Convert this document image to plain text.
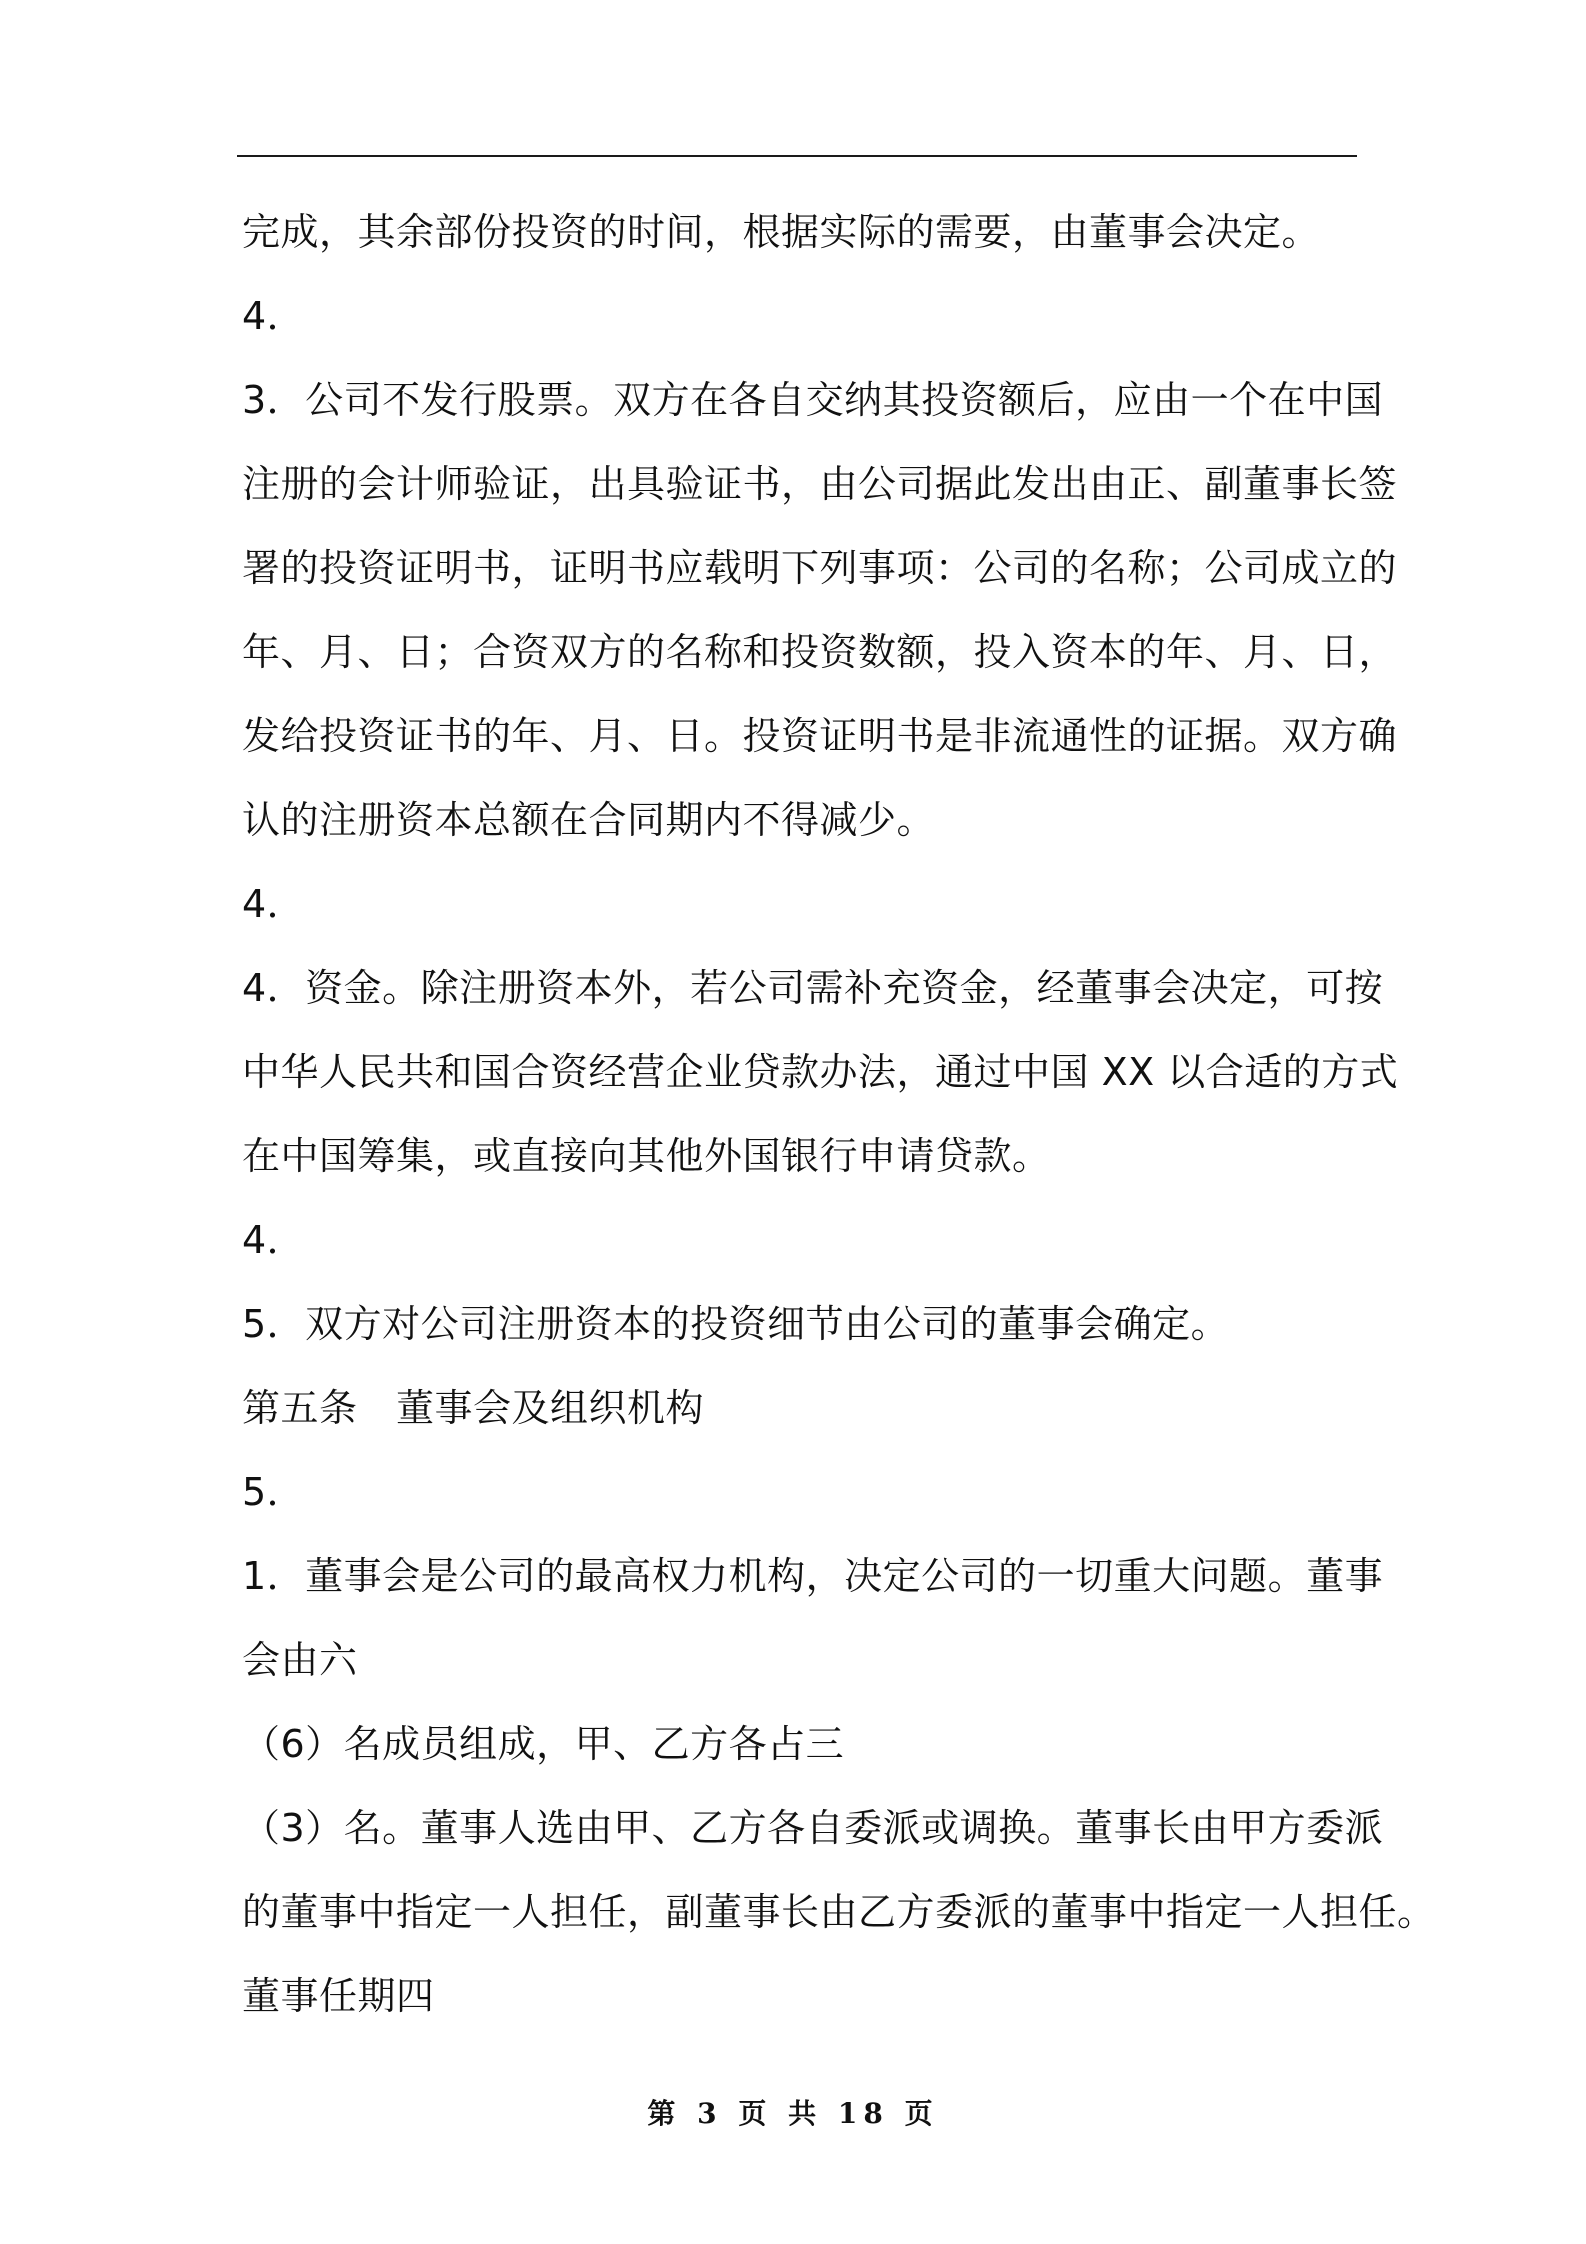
完成，其余部份投资的时间，根据实际的需要，由董事会决定。
4．
3．公司不发行股票。双方在各自交纳其投资额后，应由一个在中国
注册的会计师验证，出具验证书，由公司据此发出由正、副董事长签
署的投资证明书，证明书应载明下列事项：公司的名称；公司成立的
年、月、日；合资双方的名称和投资数额，投入资本的年、月、日，
发给投资证书的年、月、日。投资证明书是非流通性的证据。双方确
认的注册资本总额在合同期内不得减少。
4．
4．资金。除注册资本外，若公司需补充资金，经董事会决定，可按
中华人民共和国合资经营企业贷款办法，通过中国 XX 以合适的方式
在中国筹集，或直接向其他外国银行申请贷款。
4．
5．双方对公司注册资本的投资细节由公司的董事会确定。
第五条　董事会及组织机构
5．
1．董事会是公司的最高权力机构，决定公司的一切重大问题。董事
会由六
（6）名成员组成，甲、乙方各占三
（3）名。董事人选由甲、乙方各自委派或调换。董事长由甲方委派
的董事中指定一人担任，副董事长由乙方委派的董事中指定一人担任。
董事任期四
第 3 页 共 18 页
